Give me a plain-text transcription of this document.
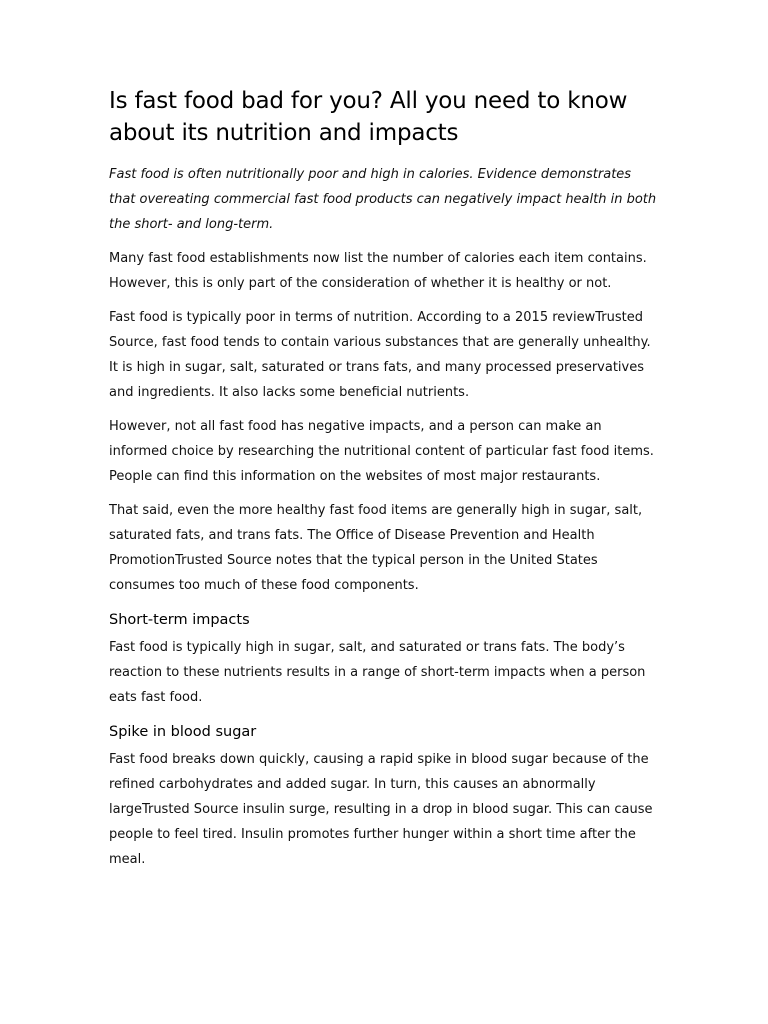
Is fast food bad for you? All you need to know about its nutrition and impacts

Fast food is often nutritionally poor and high in calories. Evidence demonstrates that overeating commercial fast food products can negatively impact health in both the short- and long-term.

Many fast food establishments now list the number of calories each item contains. However, this is only part of the consideration of whether it is healthy or not.

Fast food is typically poor in terms of nutrition. According to a 2015 reviewTrusted Source, fast food tends to contain various substances that are generally unhealthy. It is high in sugar, salt, saturated or trans fats, and many processed preservatives and ingredients. It also lacks some beneficial nutrients.

However, not all fast food has negative impacts, and a person can make an informed choice by researching the nutritional content of particular fast food items. People can find this information on the websites of most major restaurants.

That said, even the more healthy fast food items are generally high in sugar, salt, saturated fats, and trans fats. The Office of Disease Prevention and Health PromotionTrusted Source notes that the typical person in the United States consumes too much of these food components.

Short-term impacts

Fast food is typically high in sugar, salt, and saturated or trans fats. The body’s reaction to these nutrients results in a range of short-term impacts when a person eats fast food.

Spike in blood sugar

Fast food breaks down quickly, causing a rapid spike in blood sugar because of the refined carbohydrates and added sugar. In turn, this causes an abnormally largeTrusted Source insulin surge, resulting in a drop in blood sugar. This can cause people to feel tired. Insulin promotes further hunger within a short time after the meal.
